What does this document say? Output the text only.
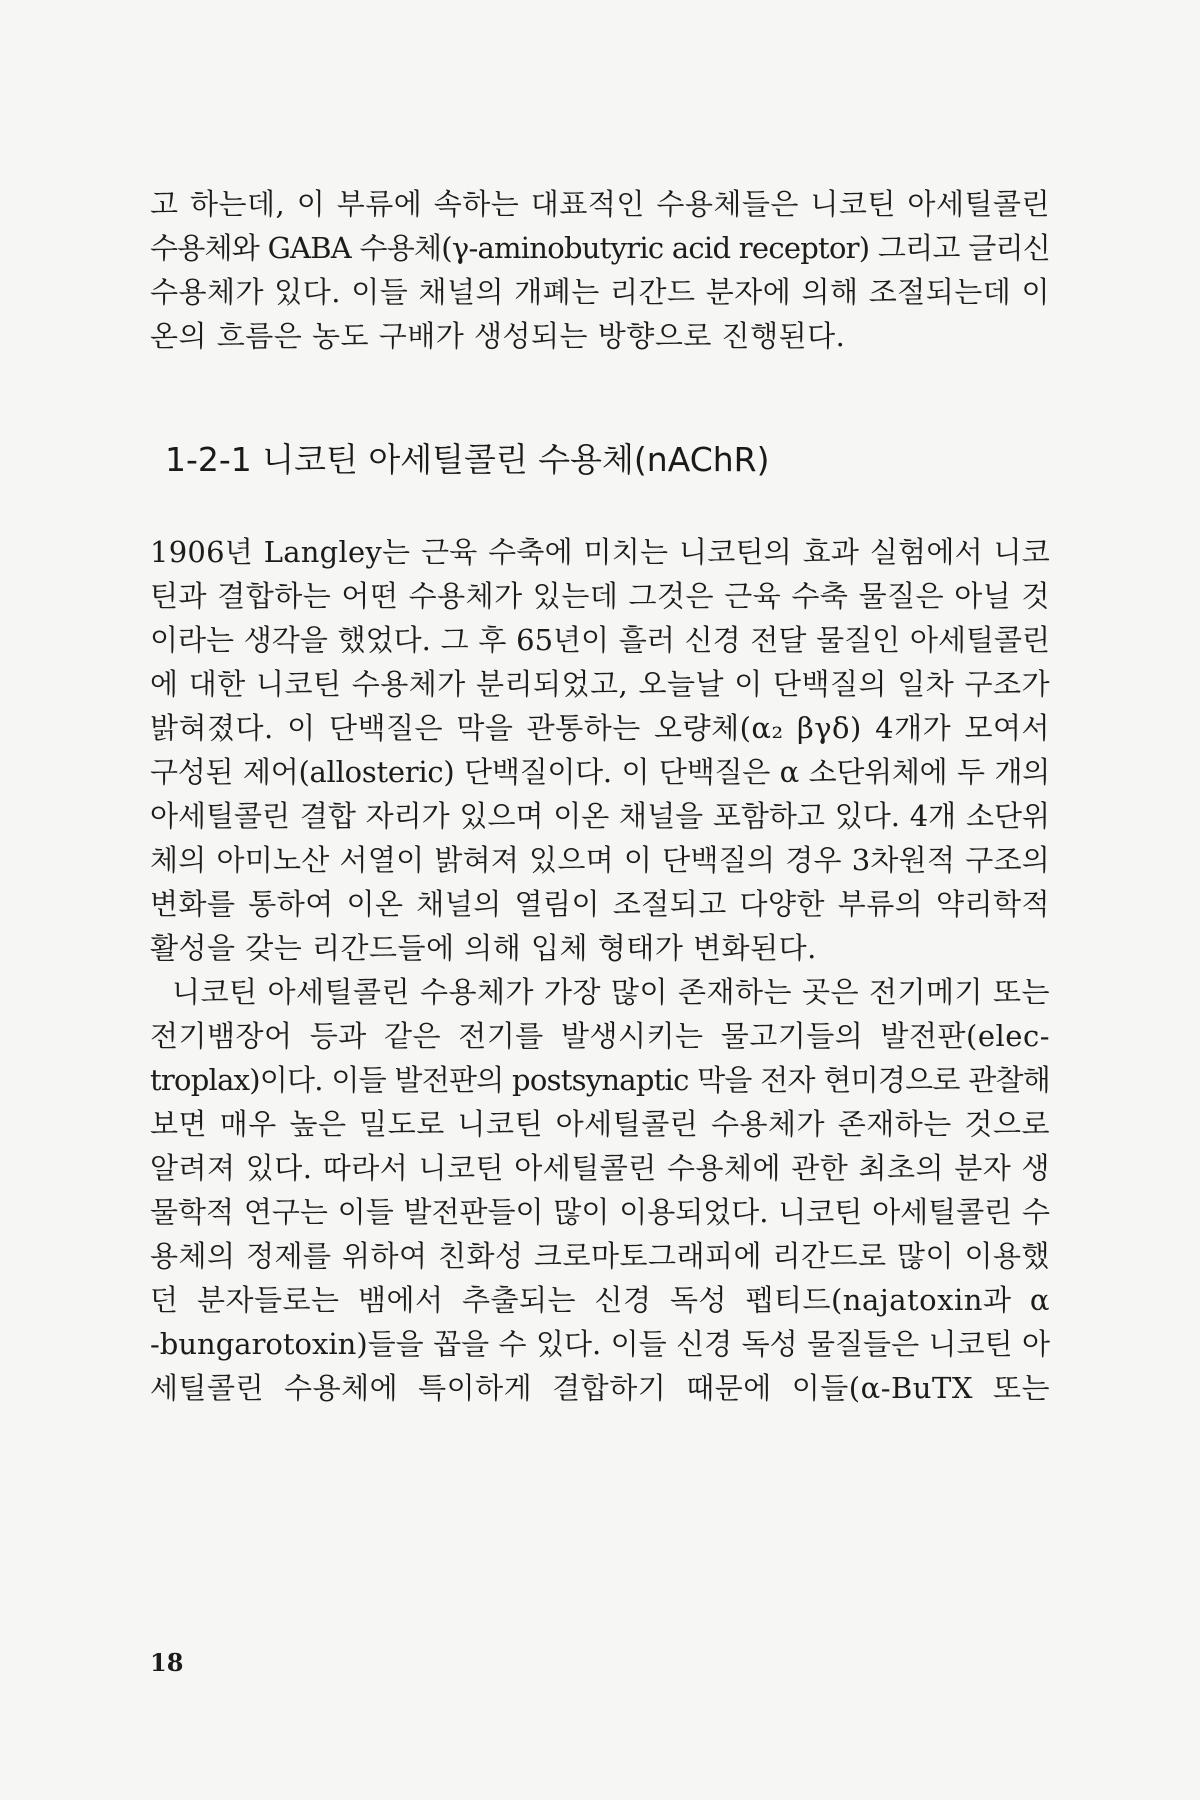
고 하는데, 이 부류에 속하는 대표적인 수용체들은 니코틴 아세틸콜린
수용체와 GABA 수용체(γ-aminobutyric acid receptor) 그리고 글리신
수용체가 있다. 이들 채널의 개폐는 리간드 분자에 의해 조절되는데 이
온의 흐름은 농도 구배가 생성되는 방향으로 진행된다.
1-2-1 니코틴 아세틸콜린 수용체(nAChR)
1906년 Langley는 근육 수축에 미치는 니코틴의 효과 실험에서 니코
틴과 결합하는 어떤 수용체가 있는데 그것은 근육 수축 물질은 아닐 것
이라는 생각을 했었다. 그 후 65년이 흘러 신경 전달 물질인 아세틸콜린
에 대한 니코틴 수용체가 분리되었고, 오늘날 이 단백질의 일차 구조가
밝혀졌다. 이 단백질은 막을 관통하는 오량체(α₂ βγδ) 4개가 모여서
구성된 제어(allosteric) 단백질이다. 이 단백질은 α 소단위체에 두 개의
아세틸콜린 결합 자리가 있으며 이온 채널을 포함하고 있다. 4개 소단위
체의 아미노산 서열이 밝혀져 있으며 이 단백질의 경우 3차원적 구조의
변화를 통하여 이온 채널의 열림이 조절되고 다양한 부류의 약리학적
활성을 갖는 리간드들에 의해 입체 형태가 변화된다.
니코틴 아세틸콜린 수용체가 가장 많이 존재하는 곳은 전기메기 또는
전기뱀장어 등과 같은 전기를 발생시키는 물고기들의 발전판(elec-
troplax)이다. 이들 발전판의 postsynaptic 막을 전자 현미경으로 관찰해
보면 매우 높은 밀도로 니코틴 아세틸콜린 수용체가 존재하는 것으로
알려져 있다. 따라서 니코틴 아세틸콜린 수용체에 관한 최초의 분자 생
물학적 연구는 이들 발전판들이 많이 이용되었다. 니코틴 아세틸콜린 수
용체의 정제를 위하여 친화성 크로마토그래피에 리간드로 많이 이용했
던 분자들로는 뱀에서 추출되는 신경 독성 펩티드(najatoxin과 α
-bungarotoxin)들을 꼽을 수 있다. 이들 신경 독성 물질들은 니코틴 아
세틸콜린 수용체에 특이하게 결합하기 때문에 이들(α-BuTX 또는
18
